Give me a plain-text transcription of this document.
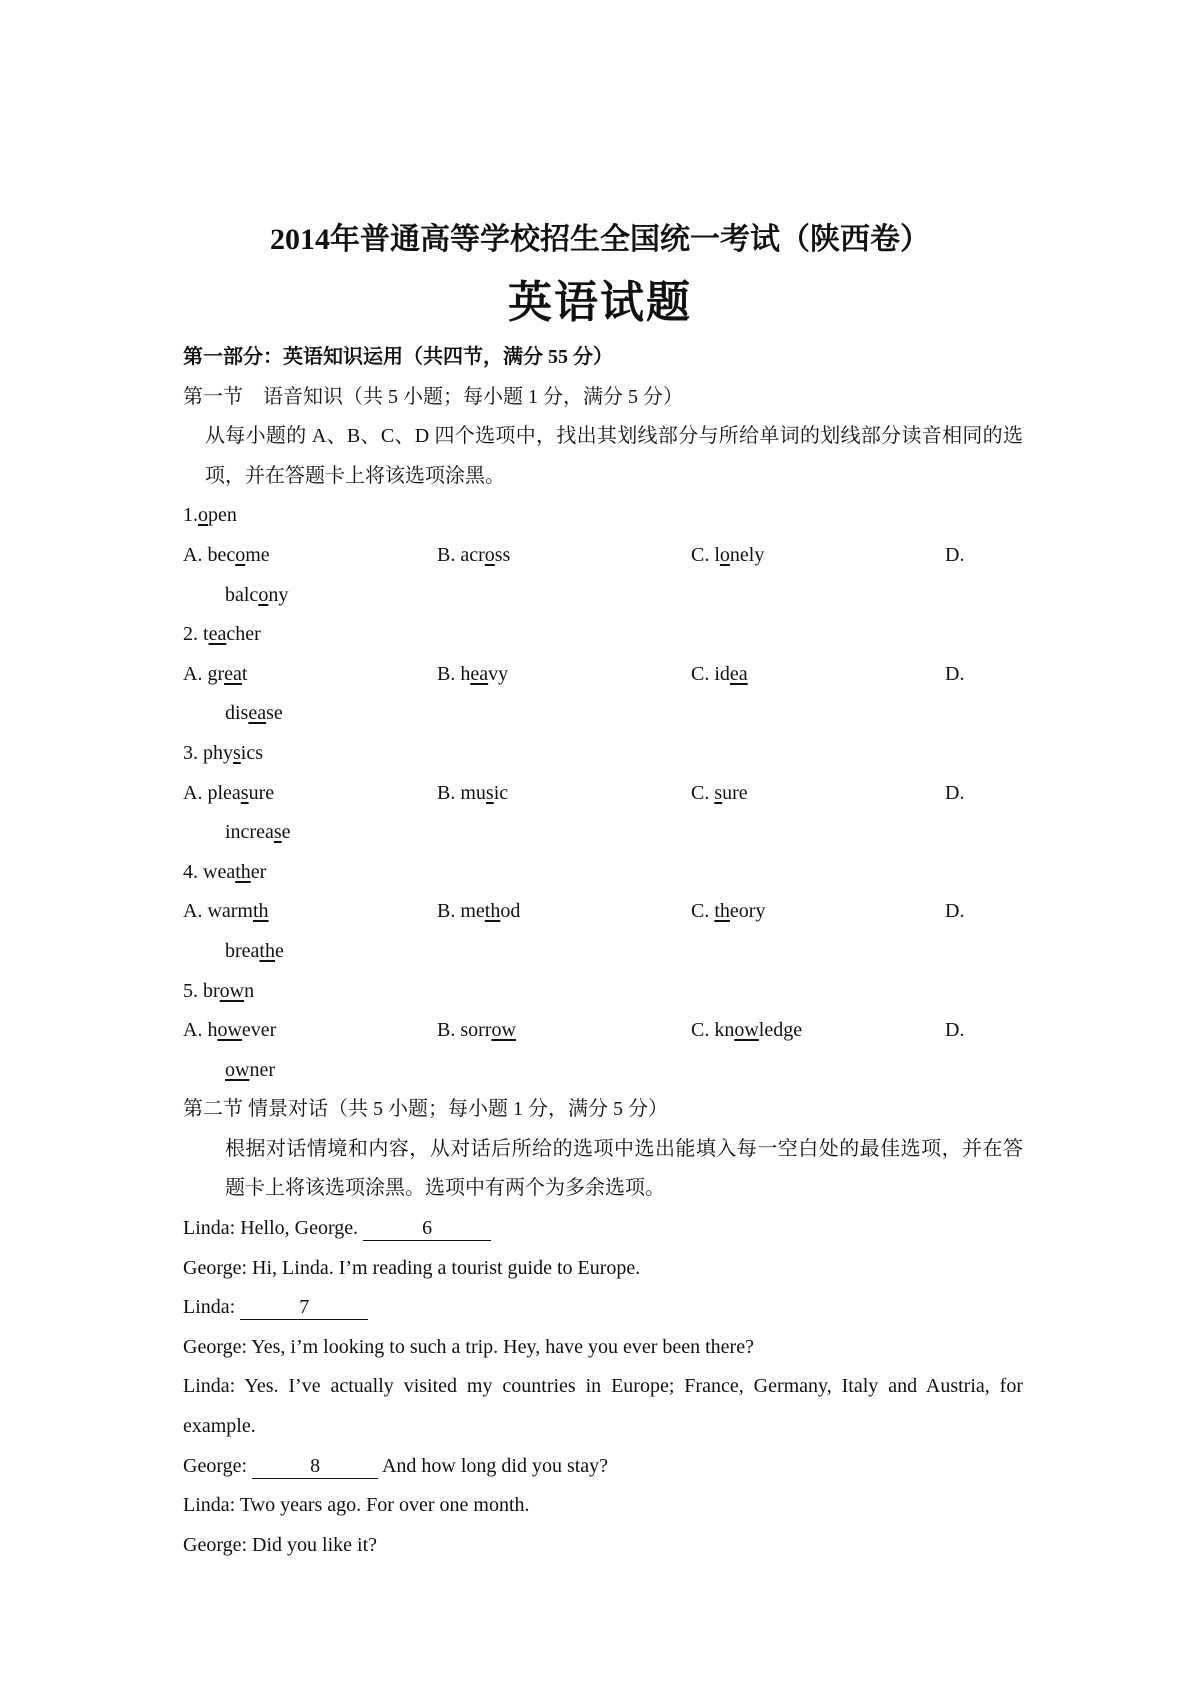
2014年普通高等学校招生全国统一考试（陕西卷）
英语试题
第一部分：英语知识运用（共四节，满分 55 分）
第一节　语音知识（共 5 小题；每小题 1 分，满分 5 分）
从每小题的 A、B、C、D 四个选项中，找出其划线部分与所给单词的划线部分读音相同的选项，并在答题卡上将该选项涂黑。
1.open
A. become	B. across	C. lonely	D.
balcony
2. teacher
A. great	B. heavy	C. idea	D.
disease
3. physics
A. pleasure	B. music	C. sure	D.
increase
4. weather
A. warmth	B. method	C. theory	D.
breathe
5. brown
A. however	B. sorrow	C. knowledge	D.
owner
第二节 情景对话（共 5 小题；每小题 1 分，满分 5 分）
根据对话情境和内容，从对话后所给的选项中选出能填入每一空白处的最佳选项，并在答题卡上将该选项涂黑。选项中有两个为多余选项。
Linda: Hello, George.	6
George: Hi, Linda. I’m reading a tourist guide to Europe.
Linda:	7
George: Yes, i’m looking to such a trip. Hey, have you ever been there?
Linda: Yes. I’ve actually visited my countries in Europe; France, Germany, Italy and Austria, for example.
George:	8	And how long did you stay?
Linda: Two years ago. For over one month.
George: Did you like it?
